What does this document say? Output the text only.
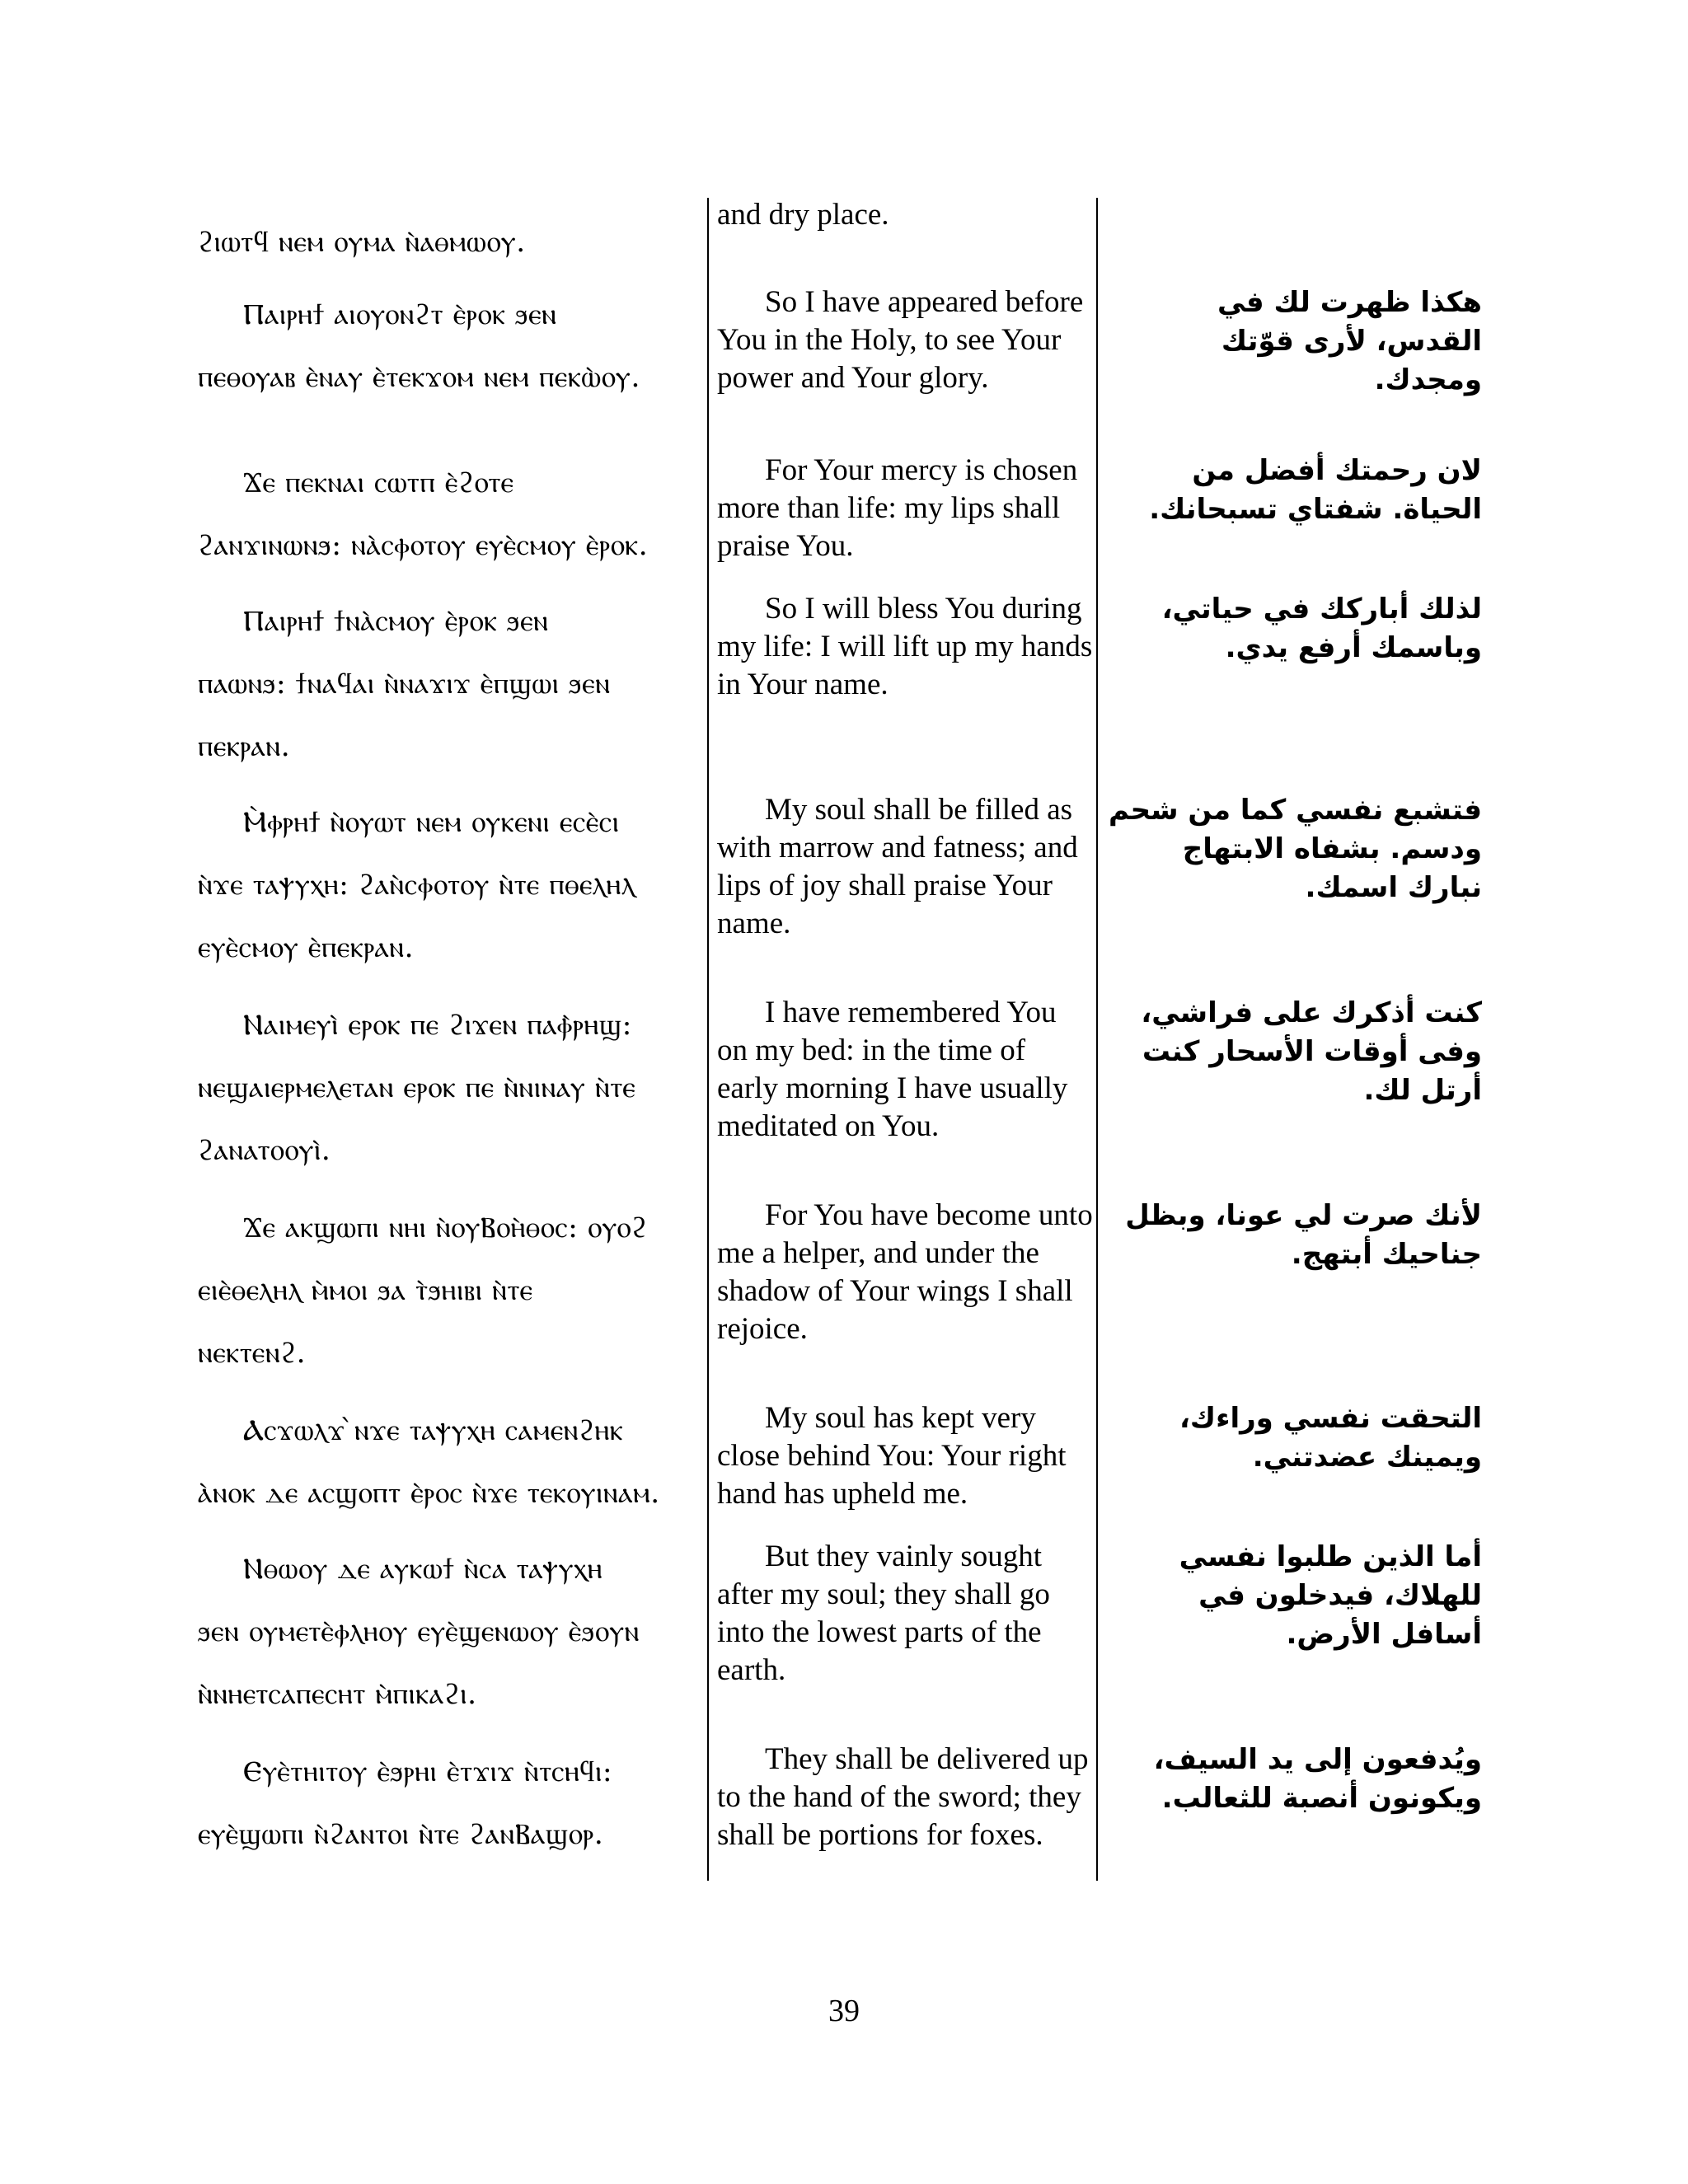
ϩⲓⲱⲧϥ ⲛⲉⲙ ⲟⲩⲙⲁ ⲛ̀ⲁⲑⲙⲱⲟⲩ.
and dry place.
Ⲡⲁⲓⲣⲏϯ ⲁⲓⲟⲩⲟⲛϩⲧ ⲉ̀ⲣⲟⲕ ϧⲉⲛ
ⲡⲉⲑⲟⲩⲁⲃ ⲉ̀ⲛⲁⲩ ⲉ̀ⲧⲉⲕϫⲟⲙ ⲛⲉⲙ ⲡⲉⲕⲱ̀ⲟⲩ.
So I have appeared before You in the Holy, to see Your power and Your glory.
هكذا ظهرت لك في القدس، لأرى قوّتك ومجدك.
Ϫⲉ ⲡⲉⲕⲛⲁⲓ ⲥⲱⲧⲡ ⲉ̀ϩⲟⲧⲉ
ϩⲁⲛϫⲓⲛⲱⲛϧ: ⲛⲁ̀ⲥⲫⲟⲧⲟⲩ ⲉⲩⲉ̀ⲥⲙⲟⲩ ⲉ̀ⲣⲟⲕ.
For Your mercy is chosen more than life: my lips shall praise You.
لان رحمتك أفضل من الحياة. شفتاي تسبحانك.
Ⲡⲁⲓⲣⲏϯ ϯⲛⲁ̀ⲥⲙⲟⲩ ⲉ̀ⲣⲟⲕ ϧⲉⲛ
ⲡⲁⲱⲛϧ: ϯⲛⲁϥⲁⲓ ⲛ̀ⲛⲁϫⲓϫ ⲉ̀ⲡϣⲱⲓ ϧⲉⲛ
ⲡⲉⲕⲣⲁⲛ.
So I will bless You during my life: I will lift up my hands in Your name.
لذلك أباركك في حياتي، وباسمك أرفع يدي.
Ⲙ̀ⲫⲣⲏϯ ⲛ̀ⲟⲩⲱⲧ ⲛⲉⲙ ⲟⲩⲕⲉⲛⲓ ⲉⲥⲉ̀ⲥⲓ
ⲛ̀ϫⲉ ⲧⲁⲯⲩⲭⲏ: ϩⲁⲛ̀ⲥⲫⲟⲧⲟⲩ ⲛ̀ⲧⲉ ⲡⲑⲉⲗⲏⲗ
ⲉⲩⲉ̀ⲥⲙⲟⲩ ⲉ̀ⲡⲉⲕⲣⲁⲛ.
My soul shall be filled as with marrow and fatness; and lips of joy shall praise Your name.
فتشبع نفسي كما من شحم ودسم. بشفاه الابتهاج نبارك اسمك.
Ⲛⲁⲓⲙⲉⲩⲓ̀ ⲉⲣⲟⲕ ⲡⲉ ϩⲓϫⲉⲛ ⲡⲁⲫ̀ⲣⲏϣ:
ⲛⲉϣⲁⲓⲉⲣⲙⲉⲗⲉⲧⲁⲛ ⲉⲣⲟⲕ ⲡⲉ ⲛ̀ⲛⲓⲛⲁⲩ ⲛ̀ⲧⲉ
ϩⲁⲛⲁⲧⲟⲟⲩⲓ̀.
I have remembered You on my bed: in the time of early morning I have usually meditated on You.
كنت أذكرك على فراشي، وفى أوقات الأسحار كنت أرتل لك.
Ϫⲉ ⲁⲕϣⲱⲡⲓ ⲛⲏⲓ ⲛ̀ⲟⲩⲂⲟⲏ̀ⲑⲟⲥ: ⲟⲩⲟϩ
ⲉⲓⲉ̀ⲑⲉⲗⲏⲗ ⲙ̀ⲙⲟⲓ ϧⲁ ⲧ̀ϧⲏⲓⲃⲓ ⲛ̀ⲧⲉ
ⲛⲉⲕⲧⲉⲛϩ.
For You have become unto me a helper, and under the shadow of Your wings I shall rejoice.
لأنك صرت لي عونا، وبظل جناحيك أبتهج.
Ⲁⲥϫⲱⲗϫ ̀ⲛϫⲉ ⲧⲁⲯⲩⲭⲏ ⲥⲁⲙⲉⲛϩⲏⲕ
ⲁ̀ⲛⲟⲕ ⲇⲉ ⲁⲥϣⲟⲡⲧ ⲉ̀ⲣⲟⲥ ⲛ̀ϫⲉ ⲧⲉⲕⲟⲩⲓⲛⲁⲙ.
My soul has kept very close behind You: Your right hand has upheld me.
التحقت نفسي وراءك، ويمينك عضدتني.
Ⲛⲑⲱⲟⲩ ⲇⲉ ⲁⲩⲕⲱϯ ⲛ̀ⲥⲁ ⲧⲁⲯⲩⲭⲏ
ϧⲉⲛ ⲟⲩⲙⲉⲧⲉ̀ⲫⲗⲏⲟⲩ ⲉⲩⲉ̀ϣⲉⲛⲱⲟⲩ ⲉ̀ϧⲟⲩⲛ
ⲛ̀ⲛⲏⲉⲧⲥⲁⲡⲉⲥⲏⲧ ⲙ̀ⲡⲓⲕⲁϩⲓ.
But they vainly sought after my soul; they shall go into the lowest parts of the earth.
أما الذين طلبوا نفسي للهلاك، فيدخلون في أسافل الأرض.
Ⲉⲩⲉ̀ⲧⲏⲓⲧⲟⲩ ⲉ̀ϧⲣⲏⲓ ⲉ̀ⲧϫⲓϫ ⲛ̀ⲧⲥⲏϥⲓ:
ⲉⲩⲉ̀ϣⲱⲡⲓ ⲛ̀ϩⲁⲛⲧⲟⲓ ⲛ̀ⲧⲉ ϩⲁⲛⲂⲁϣⲟⲣ.
They shall be delivered up to the hand of the sword; they shall be portions for foxes.
ويُدفعون إلى يد السيف، ويكونون أنصبة للثعالب.
39
